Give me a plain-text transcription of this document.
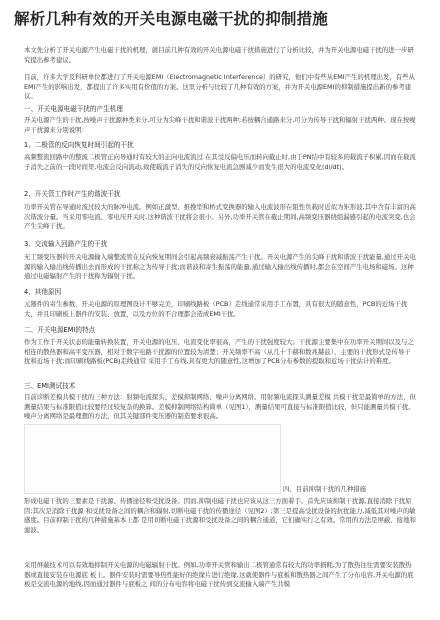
解析几种有效的开关电源电磁干扰的抑制措施

本文先分析了开关电源产生电磁干扰的机理，就目前几种有效的开关电源电磁干扰措施进行了分析比较，并为开关电源电磁干扰的进一步研究提出参考建议。

目前，许多大学及科研单位都进行了开关电源EMI（Electromagnetic Interference）的研究，他们中有些从EMI产生的机理出发，有些从EMI产生的影响出发，都提出了许多实用有价值的方案。这里分析与比较了几种有效的方案，并为开关电源EMI的抑制措施提出新的参考建议。

一、开关电源电磁干扰的产生机理
开关电源产生的干扰,按噪声干扰源种类来分,可分为尖峰干扰和谐波干扰两种;若按耦合通路来分,可分为传导干扰和辐射干扰两种。现在按噪声干扰源来分别说明：
1、二极管的反向恢复时间引起的干扰
高频整流回路中的整流二极管正向导通时有较大的正向电流流过.在其受反偏电压而转向截止时,由于PN结中有较多的载流子积累,因而在载流子消失之前的一段时间里,电流会反向流动,致使载流子消失的反向恢复电流急剧减少而发生很大的电流变化(di/dt)。
2、开关管工作时产生的谐波干扰
功率开关管在导通时流过较大的脉冲电流。例如正激型、推挽型和桥式变换器的输入电流波形在阻性负载时近似为矩形波,其中含有丰富的高次谐波分量。当采用零电流、零电压开关时,这种谐波干扰将会很小。另外,功率开关管在截止期间,高频变压器绕组漏感引起的电流突变,也会产生尖峰干扰。
3、交流输入回路产生的干扰
无工频变压器的开关电源输入端整流管在反向恢复期间会引起高频衰减振荡产生干扰。开关电源产生的尖峰干扰和谐波干扰能量,通过开关电源的输入输出线传播出去而形成的干扰称之为传导干扰;而谐波和寄生振荡的能量,通过输入输出线传播时,都会在空间产生电场和磁场。这种通过电磁辐射产生的干扰称为辐射干扰。
4、其他原因
元器件的寄生参数，开关电源的原理图设计不够完美，印刷线路板（PCB）走线通常采用手工布置，具有很大的随意性，PCB的近场干扰大，并且印刷板上器件的安装、放置，以及方位的不合理都会造成EMI干扰。
二、开关电源EMI的特点
作为工作于开关状态的能量转换装置，开关电源的电压、电流变化率很高，产生的干扰强度较大；干扰源主要集中在功率开关期间以及与之相连的散热器和高平变压器，相对于数字电路干扰源的位置较为清楚；开关频率不高（从几十千赫和数兆赫兹），主要的干扰形式是传导干扰和近场干扰;而印刷线路板(PCB)走线通常 采用手工布线,具有更大的随意性,这增加了PCB分布参数的提取和近场干扰估计的难度。
三、EMI测试技术
目前诊断差模共模干扰的三种方法：射频电流探头、差模抑制网络、噪声分离网络。用射频电流探头测量差模 共模干扰是最简单的方法，但测量结果与标准限值比较要经过较复杂的换算。差模抑制网络结构简单（见图1），测量结果可直接与标准限值比较，但只能测量共模干扰。噪声分离网络是最理想的方法，但其关键部件变压器的制造要求很高。
四、目前抑制干扰的几种措施
形成电磁干扰的三要素是干扰源、传播途径和受扰设备。因而,抑制电磁干扰也应该从这三方面着手。首先应该抑制干扰源,直接消除干扰原因;其次是消除干扰源 和受扰设备之间的耦合和辐射,切断电磁干扰的传播途径（见图2）;第三是提高受扰设备的抗扰能力,减低其对噪声的敏感度。目前抑制干扰的几种措施基本上都 是用切断电磁干扰源和受扰设备之间的耦合通道，它们确实行之有效。常用的方法是屏蔽、接地和滤波。
采用屏蔽技术可以有效地抑制开关电源的电磁辐射干扰。例如,功率开关管和输出二极管通常有较大的功率损耗,为了散热往往需要安装散热器或直接安装在电源底 板上。器件安装时需要导热性能好的绝缘片进行绝缘,这就使器件与底板和散热器之间产生了分布电容,开关电源的底板是交流电源的地线,因而通过器件与底板之 间的分布电容将电磁干扰传到交流输入端产生共模
